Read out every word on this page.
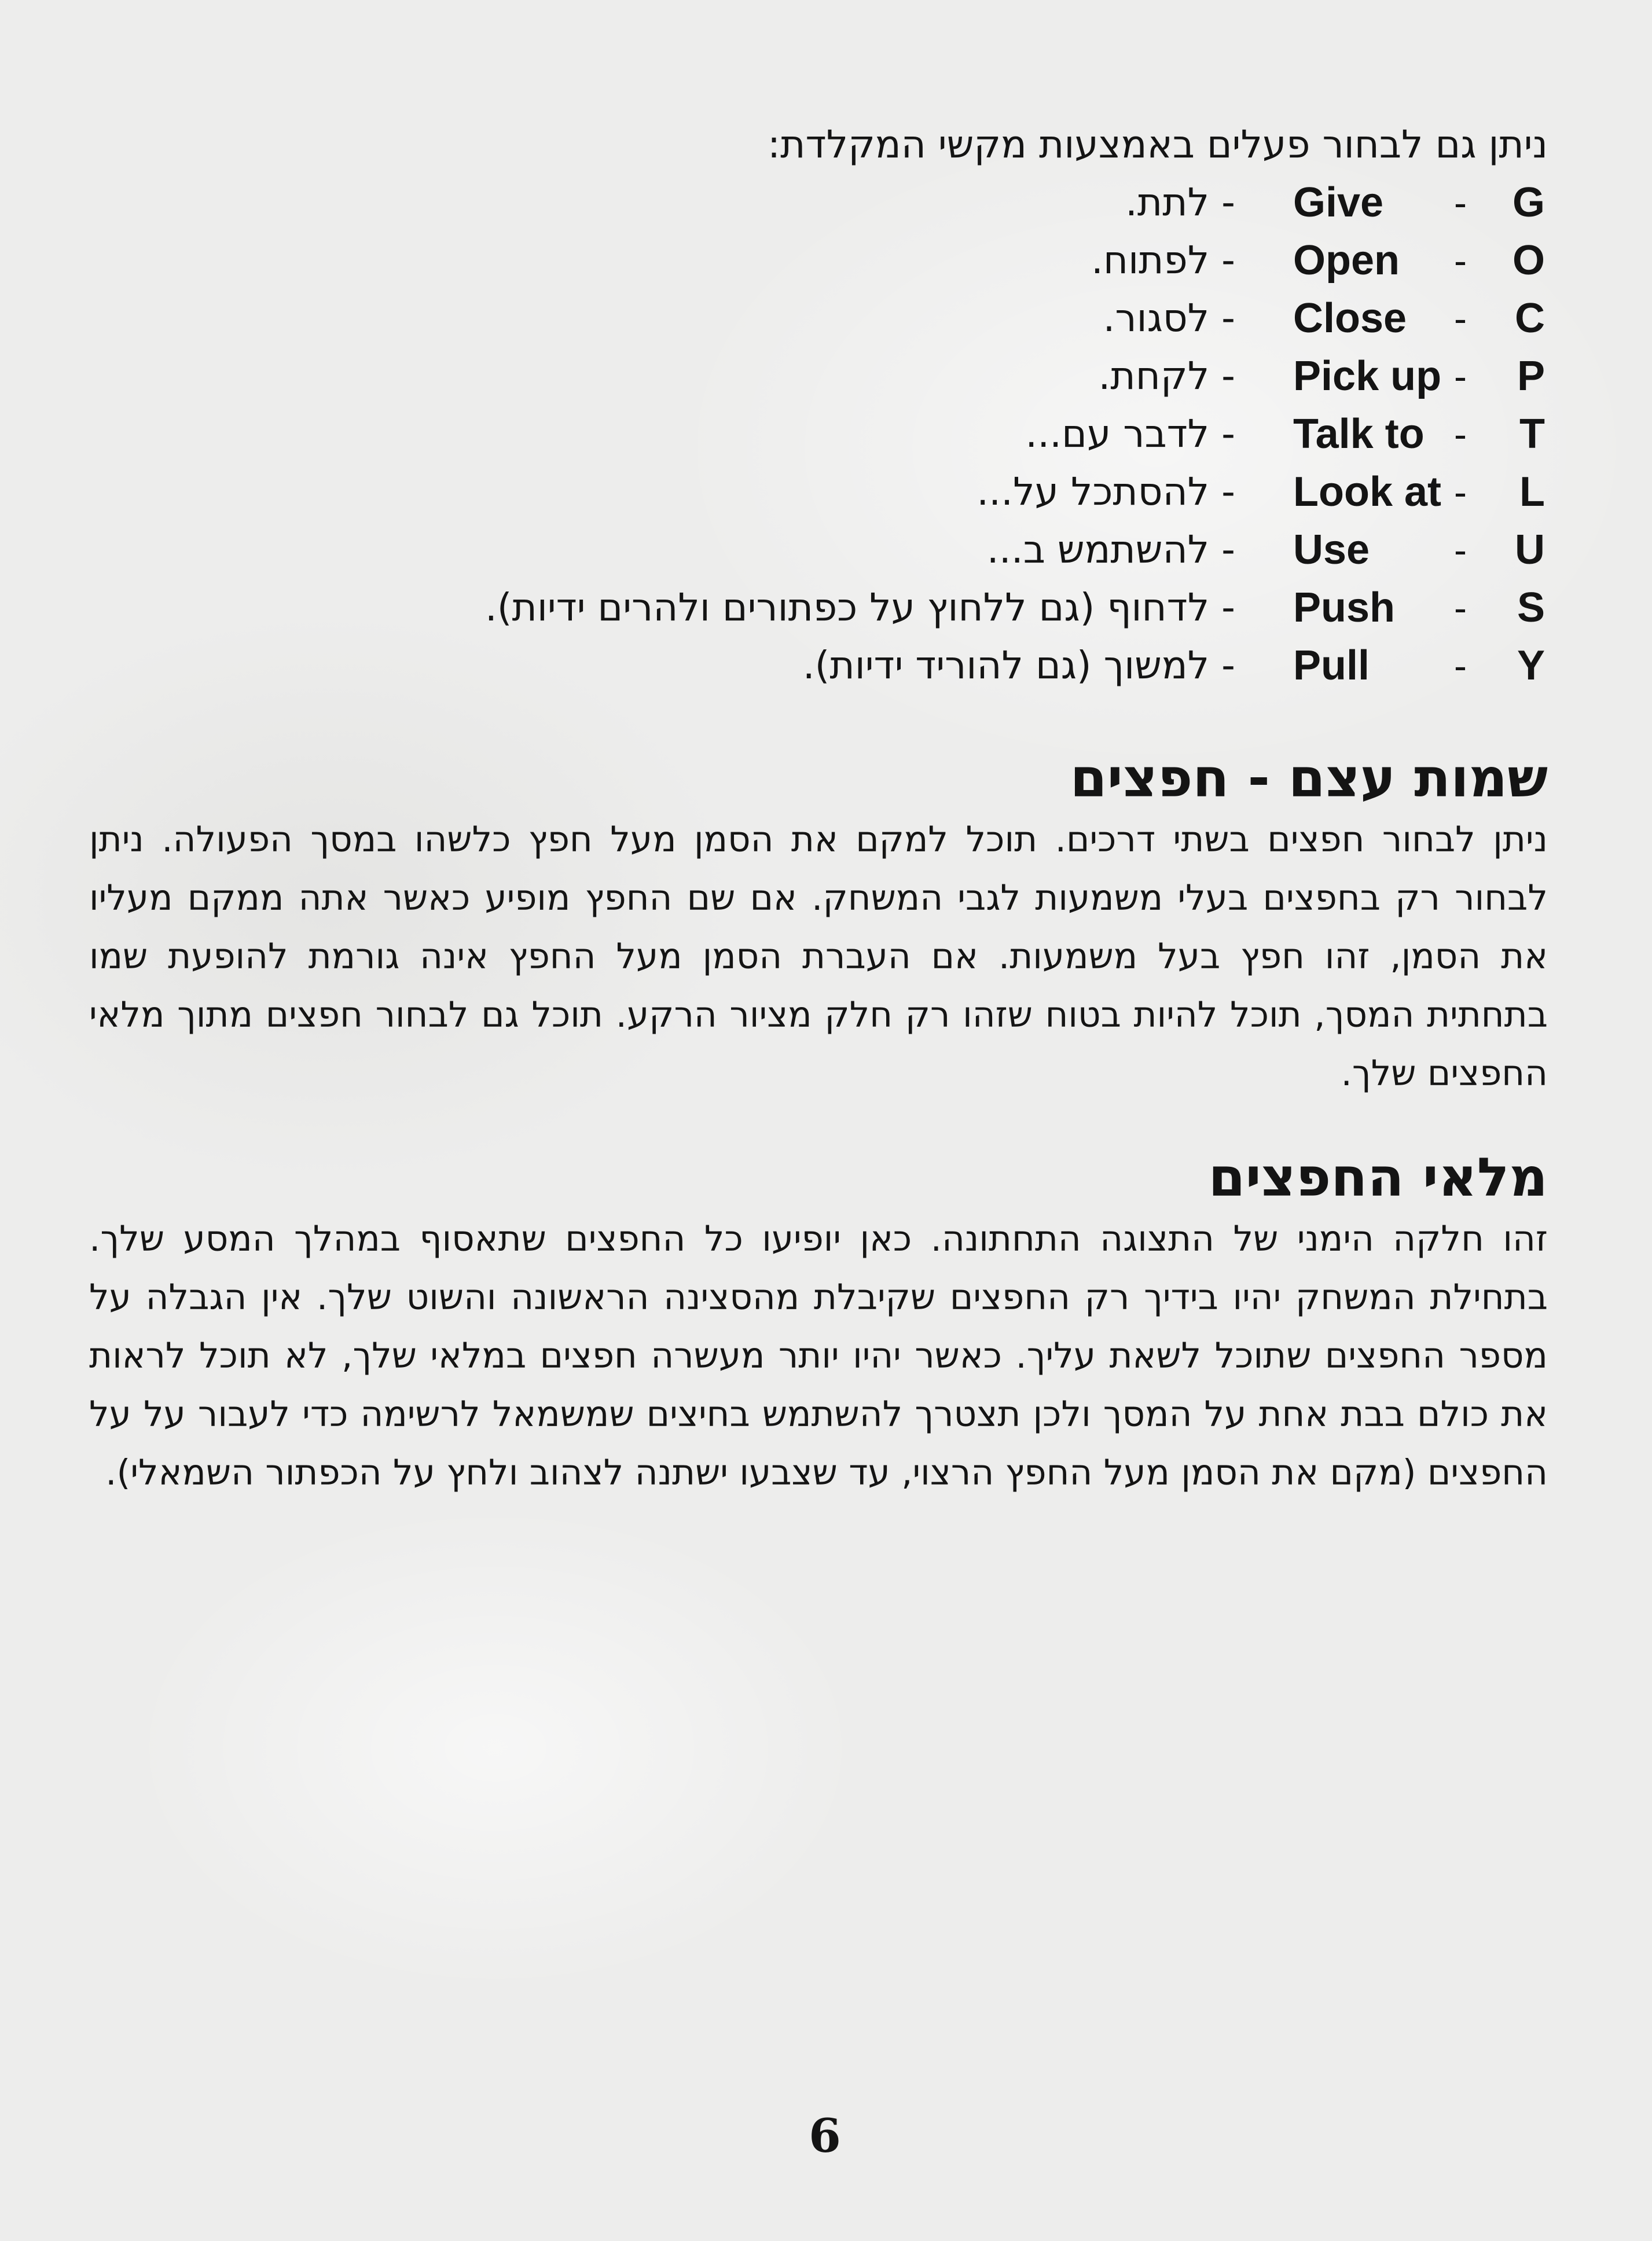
ניתן גם לבחור פעלים באמצעות מקשי המקלדת:
G
-
Give
- לתת.
O
-
Open
- לפתוח.
C
-
Close
- לסגור.
P
-
Pick up
- לקחת.
T
-
Talk to
- לדבר עם...
L
-
Look at
- להסתכל על...
U
-
Use
- להשתמש ב...
S
-
Push
- לדחוף (גם ללחוץ על כפתורים ולהרים ידיות).
Y
-
Pull
- למשוך (גם להוריד ידיות).
שמות עצם - חפצים
ניתן לבחור חפצים בשתי דרכים. תוכל למקם את הסמן מעל חפץ כלשהו במסך הפעולה. ניתן לבחור רק בחפצים בעלי משמעות לגבי המשחק. אם שם החפץ מופיע כאשר אתה ממקם מעליו את הסמן, זהו חפץ בעל משמעות. אם העברת הסמן מעל החפץ אינה גורמת להופעת שמו בתחתית המסך, תוכל להיות בטוח שזהו רק חלק מציור הרקע. תוכל גם לבחור חפצים מתוך מלאי החפצים שלך.
מלאי החפצים
זהו חלקה הימני של התצוגה התחתונה. כאן יופיעו כל החפצים שתאסוף במהלך המסע שלך. בתחילת המשחק יהיו בידיך רק החפצים שקיבלת מהסצינה הראשונה והשוט שלך. אין הגבלה על מספר החפצים שתוכל לשאת עליך. כאשר יהיו יותר מעשרה חפצים במלאי שלך, לא תוכל לראות את כולם בבת אחת על המסך ולכן תצטרך להשתמש בחיצים שמשמאל לרשימה כדי לעבור על על החפצים (מקם את הסמן מעל החפץ הרצוי, עד שצבעו ישתנה לצהוב ולחץ על הכפתור השמאלי).
6
